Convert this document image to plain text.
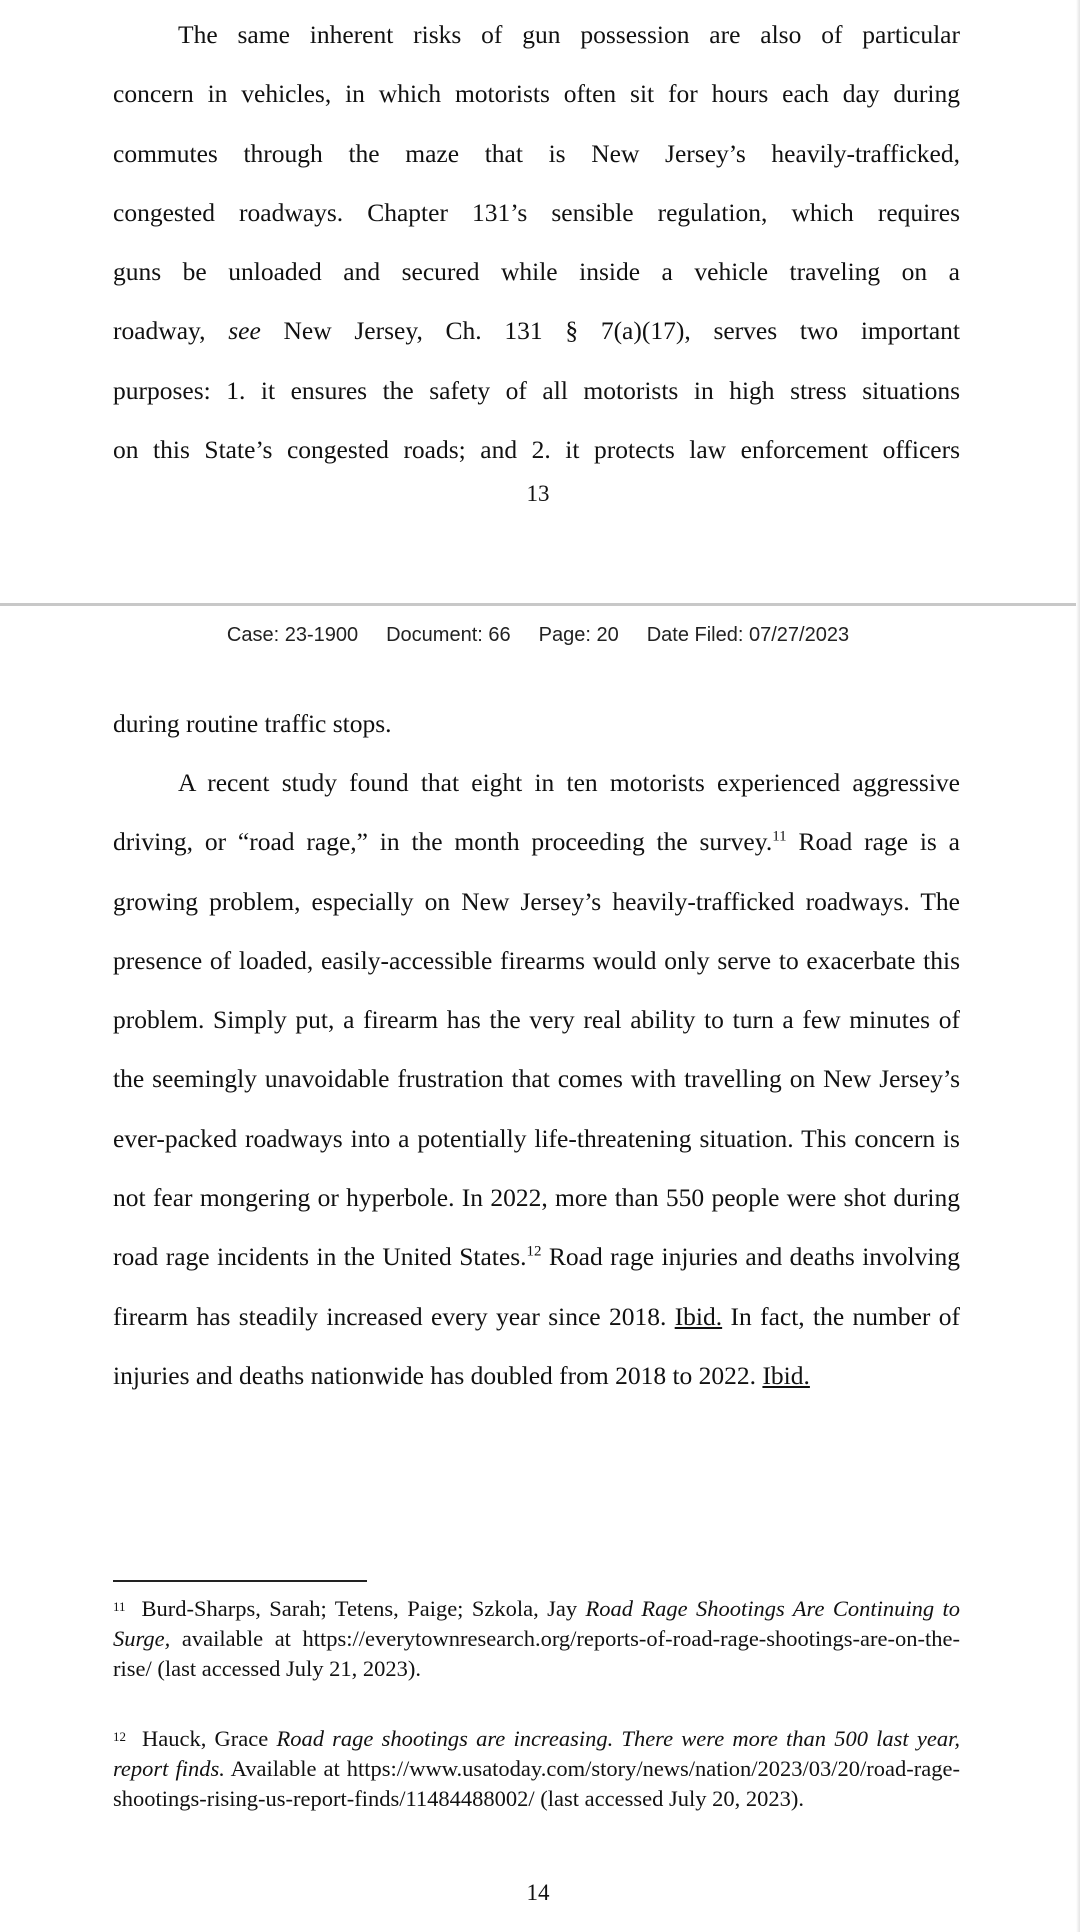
The same inherent risks of gun possession are also of particular
concern in vehicles, in which motorists often sit for hours each day during
commutes through the maze that is New Jersey’s heavily-trafficked,
congested roadways. Chapter 131’s sensible regulation, which requires
guns be unloaded and secured while inside a vehicle traveling on a
roadway, see New Jersey, Ch. 131 § 7(a)(17), serves two important
purposes: 1. it ensures the safety of all motorists in high stress situations
on this State’s congested roads; and 2. it protects law enforcement officers
13
Case: 23-1900 Document: 66 Page: 20 Date Filed: 07/27/2023
during routine traffic stops.

A recent study found that eight in ten motorists experienced aggressive driving, or “road rage,” in the month proceeding the survey.$^{11}$ Road rage is a growing problem, especially on New Jersey’s heavily-trafficked roadways. The presence of loaded, easily-accessible firearms would only serve to exacerbate this problem. Simply put, a firearm has the very real ability to turn a few minutes of the seemingly unavoidable frustration that comes with travelling on New Jersey’s ever-packed roadways into a potentially life-threatening situation. This concern is not fear mongering or hyperbole. In 2022, more than 550 people were shot during road rage incidents in the United States.$^{12}$ Road rage injuries and deaths involving firearm has steadily increased every year since 2018. Ibid. In fact, the number of injuries and deaths nationwide has doubled from 2018 to 2022. Ibid.

$^{11}$ Burd-Sharps, Sarah; Tetens, Paige; Szkola, Jay Road Rage Shootings Are Continuing to Surge, available at https://everytownresearch.org/reports-of-road-rage-shootings-are-on-the-rise/ (last accessed July 21, 2023).

$^{12}$ Hauck, Grace Road rage shootings are increasing. There were more than 500 last year, report finds. Available at https://www.usatoday.com/story/news/nation/2023/03/20/road-rage-shootings-rising-us-report-finds/11484488002/ (last accessed July 20, 2023).

14
